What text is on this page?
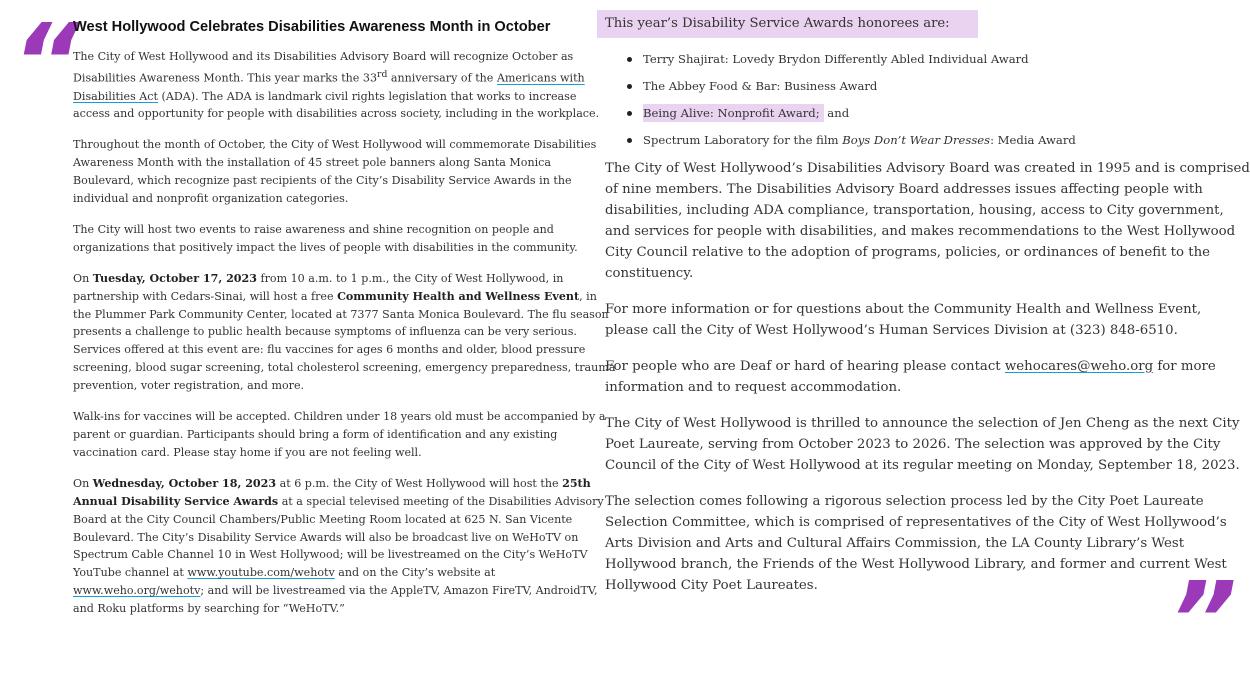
“
”
West Hollywood Celebrates Disabilities Awareness Month in October

The City of West Hollywood and its Disabilities Advisory Board will recognize October as
Disabilities Awareness Month. This year marks the 33rd anniversary of the Americans with
Disabilities Act (ADA). The ADA is landmark civil rights legislation that works to increase
access and opportunity for people with disabilities across society, including in the workplace.

Throughout the month of October, the City of West Hollywood will commemorate Disabilities
Awareness Month with the installation of 45 street pole banners along Santa Monica
Boulevard, which recognize past recipients of the City’s Disability Service Awards in the
individual and nonprofit organization categories.

The City will host two events to raise awareness and shine recognition on people and
organizations that positively impact the lives of people with disabilities in the community.

On Tuesday, October 17, 2023 from 10 a.m. to 1 p.m., the City of West Hollywood, in
partnership with Cedars-Sinai, will host a free Community Health and Wellness Event, in
the Plummer Park Community Center, located at 7377 Santa Monica Boulevard. The flu season
presents a challenge to public health because symptoms of influenza can be very serious.
Services offered at this event are: flu vaccines for ages 6 months and older, blood pressure
screening, blood sugar screening, total cholesterol screening, emergency preparedness, trauma
prevention, voter registration, and more.

Walk-ins for vaccines will be accepted. Children under 18 years old must be accompanied by a
parent or guardian. Participants should bring a form of identification and any existing
vaccination card. Please stay home if you are not feeling well.

On Wednesday, October 18, 2023 at 6 p.m. the City of West Hollywood will host the 25th
Annual Disability Service Awards at a special televised meeting of the Disabilities Advisory
Board at the City Council Chambers/Public Meeting Room located at 625 N. San Vicente
Boulevard. The City’s Disability Service Awards will also be broadcast live on WeHoTV on
Spectrum Cable Channel 10 in West Hollywood; will be livestreamed on the City’s WeHoTV
YouTube channel at www.youtube.com/wehotv and on the City’s website at
www.weho.org/wehotv; and will be livestreamed via the AppleTV, Amazon FireTV, AndroidTV,
and Roku platforms by searching for “WeHoTV.”

This year’s Disability Service Awards honorees are:
Terry Shajirat: Lovedy Brydon Differently Abled Individual Award
The Abbey Food & Bar: Business Award
Being Alive: Nonprofit Award; and
Spectrum Laboratory for the film Boys Don’t Wear Dresses: Media Award

The City of West Hollywood’s Disabilities Advisory Board was created in 1995 and is comprised
of nine members. The Disabilities Advisory Board addresses issues affecting people with
disabilities, including ADA compliance, transportation, housing, access to City government,
and services for people with disabilities, and makes recommendations to the West Hollywood
City Council relative to the adoption of programs, policies, or ordinances of benefit to the
constituency.

For more information or for questions about the Community Health and Wellness Event,
please call the City of West Hollywood’s Human Services Division at (323) 848-6510.

For people who are Deaf or hard of hearing please contact wehocares@weho.org for more
information and to request accommodation.

The City of West Hollywood is thrilled to announce the selection of Jen Cheng as the next City
Poet Laureate, serving from October 2023 to 2026. The selection was approved by the City
Council of the City of West Hollywood at its regular meeting on Monday, September 18, 2023.

The selection comes following a rigorous selection process led by the City Poet Laureate
Selection Committee, which is comprised of representatives of the City of West Hollywood’s
Arts Division and Arts and Cultural Affairs Commission, the LA County Library’s West
Hollywood branch, the Friends of the West Hollywood Library, and former and current West
Hollywood City Poet Laureates.
